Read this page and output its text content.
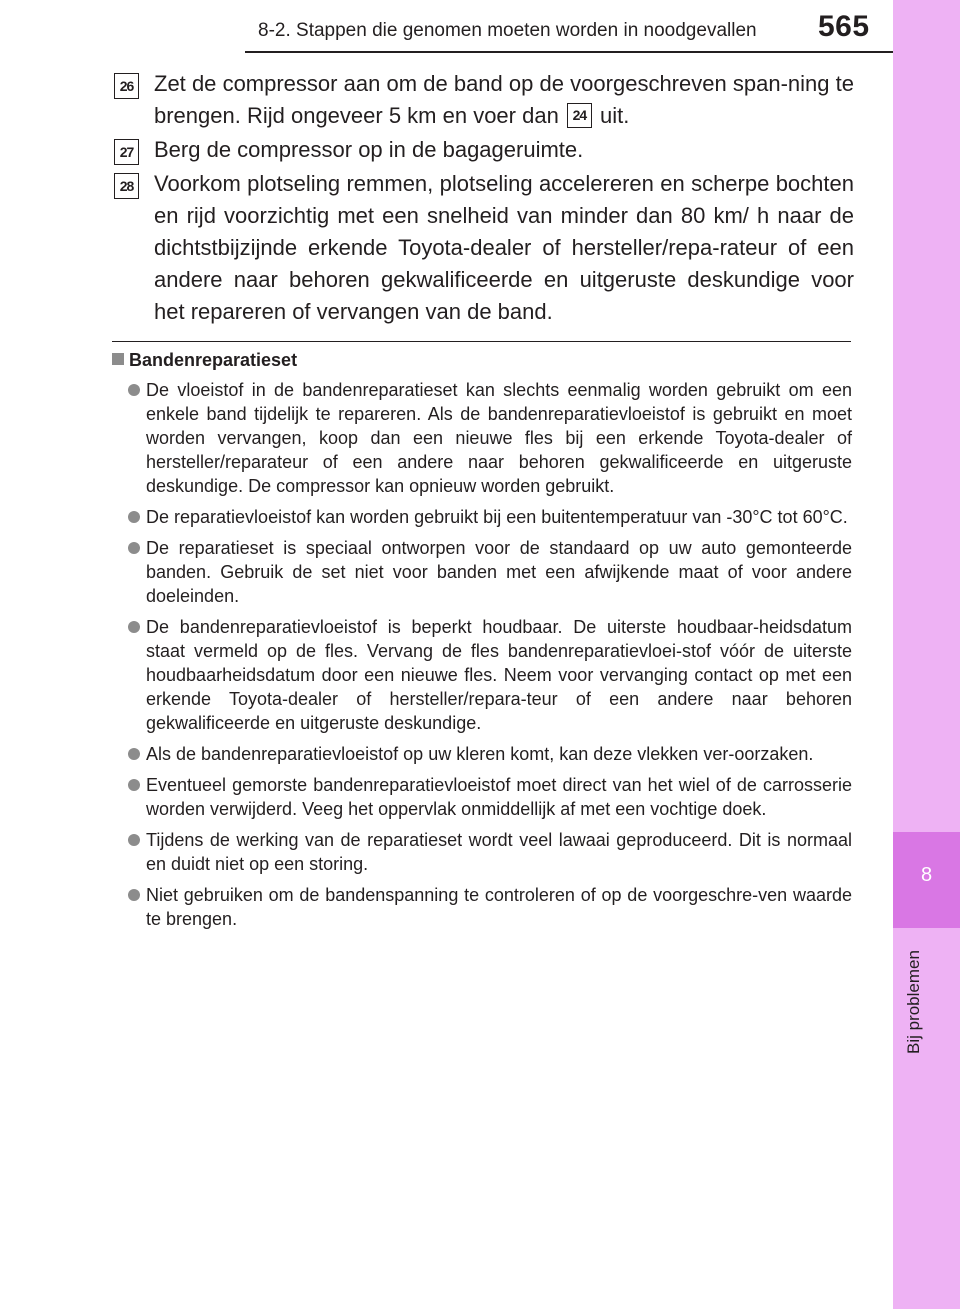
8-2. Stappen die genomen moeten worden in noodgevallen 565
8
Bij problemen
26 Zet de compressor aan om de band op de voorgeschreven span-ning te brengen. Rijd ongeveer 5 km en voer dan 24 uit.
27 Berg de compressor op in de bagageruimte.
28 Voorkom plotseling remmen, plotseling accelereren en scherpe bochten en rijd voorzichtig met een snelheid van minder dan 80 km/ h naar de dichtstbijzijnde erkende Toyota-dealer of hersteller/repa-rateur of een andere naar behoren gekwalificeerde en uitgeruste deskundige voor het repareren of vervangen van de band.
Bandenreparatieset
De vloeistof in de bandenreparatieset kan slechts eenmalig worden gebruikt om een enkele band tijdelijk te repareren. Als de bandenreparatievloeistof is gebruikt en moet worden vervangen, koop dan een nieuwe fles bij een erkende Toyota-dealer of hersteller/reparateur of een andere naar behoren gekwalificeerde en uitgeruste deskundige. De compressor kan opnieuw worden gebruikt.
De reparatievloeistof kan worden gebruikt bij een buitentemperatuur van -30°C tot 60°C.
De reparatieset is speciaal ontworpen voor de standaard op uw auto gemonteerde banden. Gebruik de set niet voor banden met een afwijkende maat of voor andere doeleinden.
De bandenreparatievloeistof is beperkt houdbaar. De uiterste houdbaar-heidsdatum staat vermeld op de fles. Vervang de fles bandenreparatievloei-stof vóór de uiterste houdbaarheidsdatum door een nieuwe fles. Neem voor vervanging contact op met een erkende Toyota-dealer of hersteller/repara-teur of een andere naar behoren gekwalificeerde en uitgeruste deskundige.
Als de bandenreparatievloeistof op uw kleren komt, kan deze vlekken ver-oorzaken.
Eventueel gemorste bandenreparatievloeistof moet direct van het wiel of de carrosserie worden verwijderd. Veeg het oppervlak onmiddellijk af met een vochtige doek.
Tijdens de werking van de reparatieset wordt veel lawaai geproduceerd. Dit is normaal en duidt niet op een storing.
Niet gebruiken om de bandenspanning te controleren of op de voorgeschre-ven waarde te brengen.
